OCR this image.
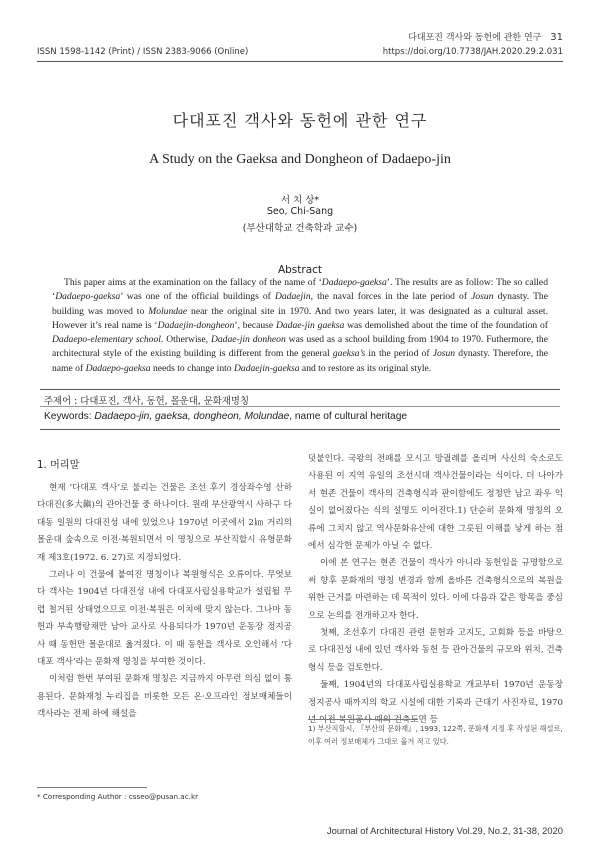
다대포진 객사와 동헌에 관한 연구 31
ISSN 1598-1142 (Print) / ISSN 2383-9066 (Online)	https://doi.org/10.7738/JAH.2020.29.2.031
다대포진 객사와 동헌에 관한 연구
A Study on the Gaeksa and Dongheon of Dadaepo-jin
서 치 상*
Seo, Chi-Sang
(부산대학교 건축학과 교수)
Abstract

This paper aims at the examination on the fallacy of the name of ‘Dadaepo-gaeksa’. The results are as follow: The so called ‘Dadaepo-gaeksa’ was one of the official buildings of Dadaejin, the naval forces in the late period of Josun dynasty. The building was moved to Molundae near the original site in 1970. And two years later, it was designated as a cultural asset. However it’s real name is ‘Dadaejin-dongheon’, because Dadae-jin gaeksa was demolished about the time of the foundation of Dadaepo-elementary school. Otherwise, Dadae-jin donheon was used as a school building from 1904 to 1970. Futhermore, the architectural style of the existing building is different from the general gaeksa’s in the period of Josun dynasty. Therefore, the name of Dadaepo-gaeksa needs to change into Dadaejin-gaeksa and to restore as its original style.

주제어 : 다대포진, 객사, 동헌, 몰운대, 문화재명칭
Keywords: Dadaepo-jin, gaeksa, dongheon, Molundae, name of cultural heritage
1. 머리말

현재 ‘다대포 객사’로 불리는 건물은 조선 후기 경상좌수영 산하 다대진(多大鎭)의 관아건물 중 하나이다. 원래 부산광역시 사하구 다대동 일원의 다대진성 내에 있었으나 1970년 이곳에서 2㎞ 거리의 몰운대 숲속으로 이전·복원되면서 이 명칭으로 부산직할시 유형문화재 제3호(1972. 6. 27)로 지정되었다.

그러나 이 건물에 붙여진 명칭이나 복원형식은 오류이다. 무엇보다 객사는 1904년 다대진성 내에 다대포사립실용학교가 설립될 무렵 철거된 상태였으므로 이전·복원은 이치에 맞지 않는다. 그나마 동헌과 부속행랑채만 남아 교사로 사용되다가 1970년 운동장 정지공사 때 동헌만 몰운대로 옮겨졌다. 이 때 동헌을 객사로 오인해서 ‘다대포 객사’라는 문화재 명칭을 부여한 것이다.

이처럼 한번 부여된 문화재 명칭은 지금까지 아무런 의심 없이 통용된다. 문화재청 누리집을 비롯한 모든 온·오프라인 정보매체들이 객사라는 전제 하에 해설을

덧붙인다. 국왕의 전패를 모시고 망궐례를 올리며 사신의 숙소로도 사용된 이 지역 유일의 조선시대 객사건물이라는 식이다. 더 나아가서 현존 건물이 객사의 건축형식과 판이함에도 정청만 남고 좌우 익실이 없어졌다는 식의 설명도 이어진다.1) 단순히 문화재 명칭의 오류에 그치지 않고 역사문화유산에 대한 그릇된 이해를 낳게 하는 점에서 심각한 문제가 아닐 수 없다.

이에 본 연구는 현존 건물이 객사가 아니라 동헌임을 규명함으로써 향후 문화재의 명칭 변경과 함께 올바른 건축형식으로의 복원을 위한 근거를 마련하는 데 목적이 있다. 이에 다음과 같은 항목을 중심으로 논의를 전개하고자 한다.

첫째, 조선후기 다대진 관련 문헌과 고지도, 고회화 등을 바탕으로 다대진성 내에 있던 객사와 동헌 등 관아건물의 규모와 위치, 건축형식 등을 검토한다.

둘째, 1904년의 다대포사립실용학교 개교부터 1970년 운동장 정지공사 때까지의 학교 시설에 대한 기록과 근대기 사진자료, 1970년 이전 복원공사 때의 건축도면 등

1) 부산직할시, 『부산의 문화재』, 1993, 122쪽, 문화재 지정 후 작성된 해설로, 이후 여러 정보매체가 그대로 옮겨 적고 있다.

* Corresponding Author : csseo@pusan.ac.kr
Journal of Architectural History Vol.29, No.2, 31-38, 2020
